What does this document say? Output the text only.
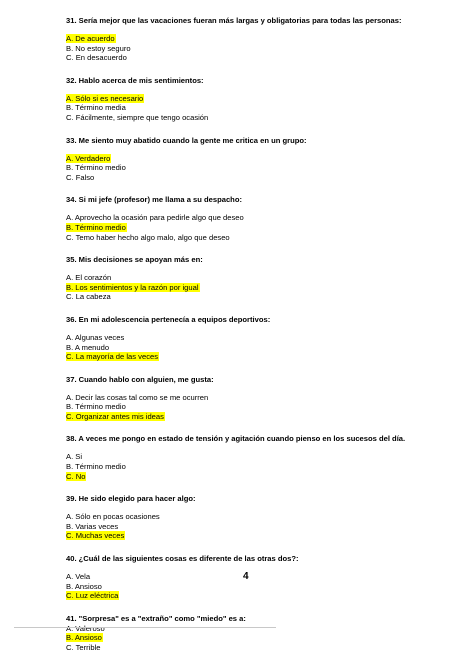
31. Sería mejor que las vacaciones fueran más largas y obligatorias para todas las personas:
A. De acuerdo
B. No estoy seguro
C. En desacuerdo
32. Hablo acerca de mis sentimientos:
A. Sólo si es necesario
B. Término media
C. Fácilmente, siempre que tengo ocasión
33. Me siento muy abatido cuando la gente me critica en un grupo:
A. Verdadero
B. Término medio
C. Falso
34. Si mi jefe (profesor) me llama a su despacho:
A. Aprovecho la ocasión para pedirle algo que deseo
B. Término medio
C. Temo haber hecho algo malo, algo que deseo
35. Mis decisiones se apoyan más en:
A. El corazón
B. Los sentimientos y la razón por igual
C. La cabeza
36. En mi adolescencia pertenecía a equipos deportivos:
A. Algunas veces
B. A menudo
C. La mayoría de las veces
37. Cuando hablo con alguien, me gusta:
A. Decir las cosas tal como se me ocurren
B. Término medio
C. Organizar antes mis ideas
38. A veces me pongo en estado de tensión y agitación cuando pienso en los sucesos del día.
A. Si
B. Término medio
C. No
39. He sido elegido para hacer algo:
A. Sólo en pocas ocasiones
B. Varias veces
C. Muchas veces
40. ¿Cuál de las siguientes cosas es diferente de las otras dos?:
A. Vela
B. Ansioso
C. Luz eléctrica
41. "Sorpresa" es a "extraño" como "miedo" es a:
A. Valeroso
B. Ansioso
C. Terrible
4
